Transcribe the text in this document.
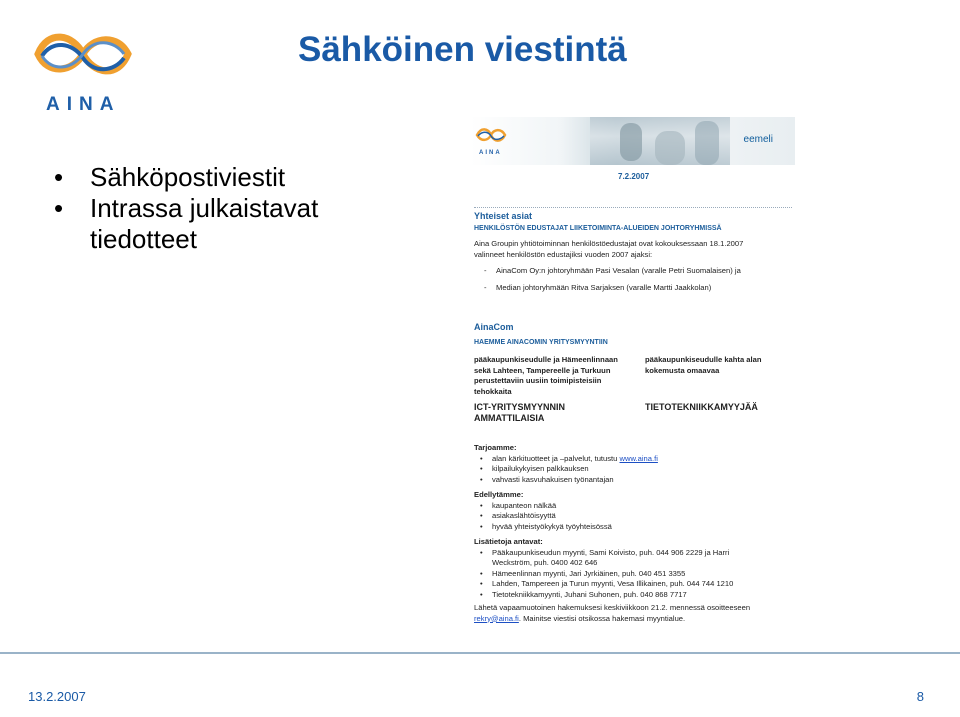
AINA
Sähköinen viestintä
• Sähköpostiviestit
• Intrassa julkaistavat tiedotteet
AINA
eemeli
7.2.2007
Yhteiset asiat
HENKILÖSTÖN EDUSTAJAT LIIKETOIMINTA-ALUEIDEN JOHTORYHMISSÄ
Aina Groupin yhtiötoiminnan henkilöstöedustajat ovat kokouksessaan 18.1.2007 valinneet henkilöstön edustajiksi vuoden 2007 ajaksi:
- AinaCom Oy:n johtoryhmään Pasi Vesalan (varalle Petri Suomalaisen) ja
- Median johtoryhmään Ritva Sarjaksen (varalle Martti Jaakkolan)
AinaCom
HAEMME AINACOMIN YRITYSMYYNTIIN
pääkaupunkiseudulle ja Hämeenlinnaan sekä Lahteen, Tampereelle ja Turkuun perustettaviin uusiin toimipisteisiin tehokkaita
pääkaupunkiseudulle kahta alan kokemusta omaavaa
ICT-YRITYSMYYNNIN AMMATTILAISIA
TIETOTEKNIIKKAMYYJÄÄ
Tarjoamme:
• alan kärkituotteet ja –palvelut, tutustu www.aina.fi
• kilpailukykyisen palkkauksen
• vahvasti kasvuhakuisen työnantajan
Edellytämme:
• kaupanteon nälkää
• asiakaslähtöisyyttä
• hyvää yhteistyökykyä työyhteisössä
Lisätietoja antavat:
• Pääkaupunkiseudun myynti, Sami Koivisto, puh. 044 906 2229 ja Harri Weckström, puh. 0400 402 646
• Hämeenlinnan myynti, Jari Jyrkiäinen, puh. 040 451 3355
• Lahden, Tampereen ja Turun myynti, Vesa Illikainen, puh. 044 744 1210
• Tietotekniikkamyynti, Juhani Suhonen, puh. 040 868 7717
Lähetä vapaamuotoinen hakemuksesi keskiviikkoon 21.2. mennessä osoitteeseen rekry@aina.fi. Mainitse viestisi otsikossa hakemasi myyntialue.
13.2.2007	8
